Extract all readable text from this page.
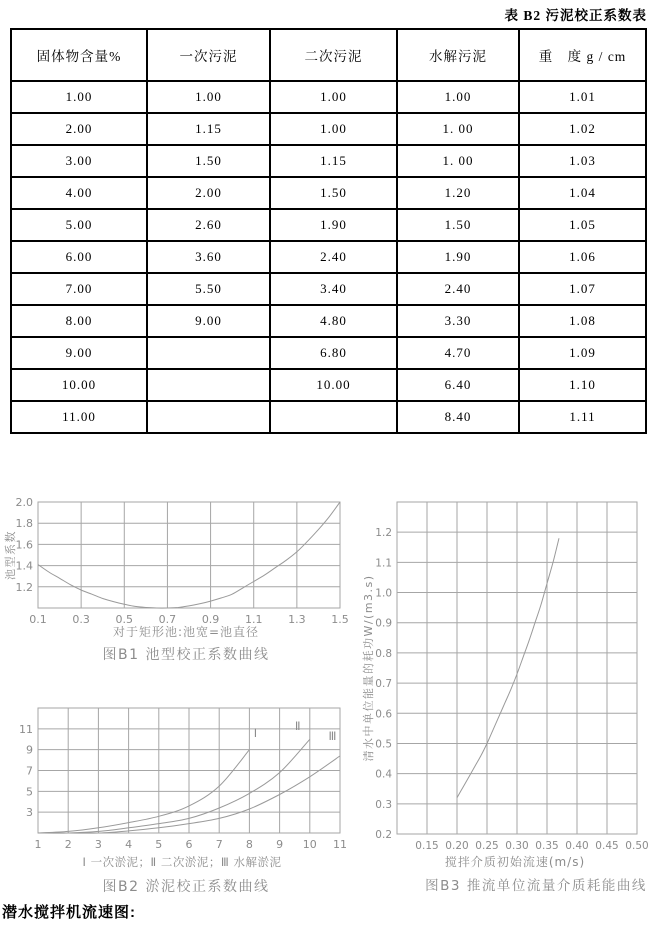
表 B2 污泥校正系数表
固体物含量%	一次污泥	二次污泥	水解污泥	重　度 g / cm
1.00	1.00	1.00	1.00	1.01
2.00	1.15	1.00	1. 00	1.02
3.00	1.50	1.15	1. 00	1.03
4.00	2.00	1.50	1.20	1.04
5.00	2.60	1.90	1.50	1.05
6.00	3.60	2.40	1.90	1.06
7.00	5.50	3.40	2.40	1.07
8.00	9.00	4.80	3.30	1.08
9.00		6.80	4.70	1.09
10.00		10.00	6.40	1.10
11.00			8.40	1.11
0.1 0.3 0.5 0.7 0.9 1.1 1.3 1.5
1.2
1.4
1.6
1.8
2.0
池型系数
对于矩形池:池宽=池直径
图B1 池型校正系数曲线
1 2 3 4 5 6 7 8 9 10 11
3
5
7
9
11	Ⅰ
Ⅱ
Ⅲ
Ⅰ 一次淤泥；Ⅱ 二次淤泥；Ⅲ 水解淤泥
图B2 淤泥校正系数曲线
0.15 0.20 0.25 0.30 0.35 0.40 0.45 0.50
0.2
0.3
0.4
0.5
0.6
0.7
0.8
0.9
1.0
1.1
1.2
清水中单位能量的耗功W/(m3.s)
搅拌介质初始流速(m/s)
图B3 推流单位流量介质耗能曲线
潜水搅拌机流速图:
